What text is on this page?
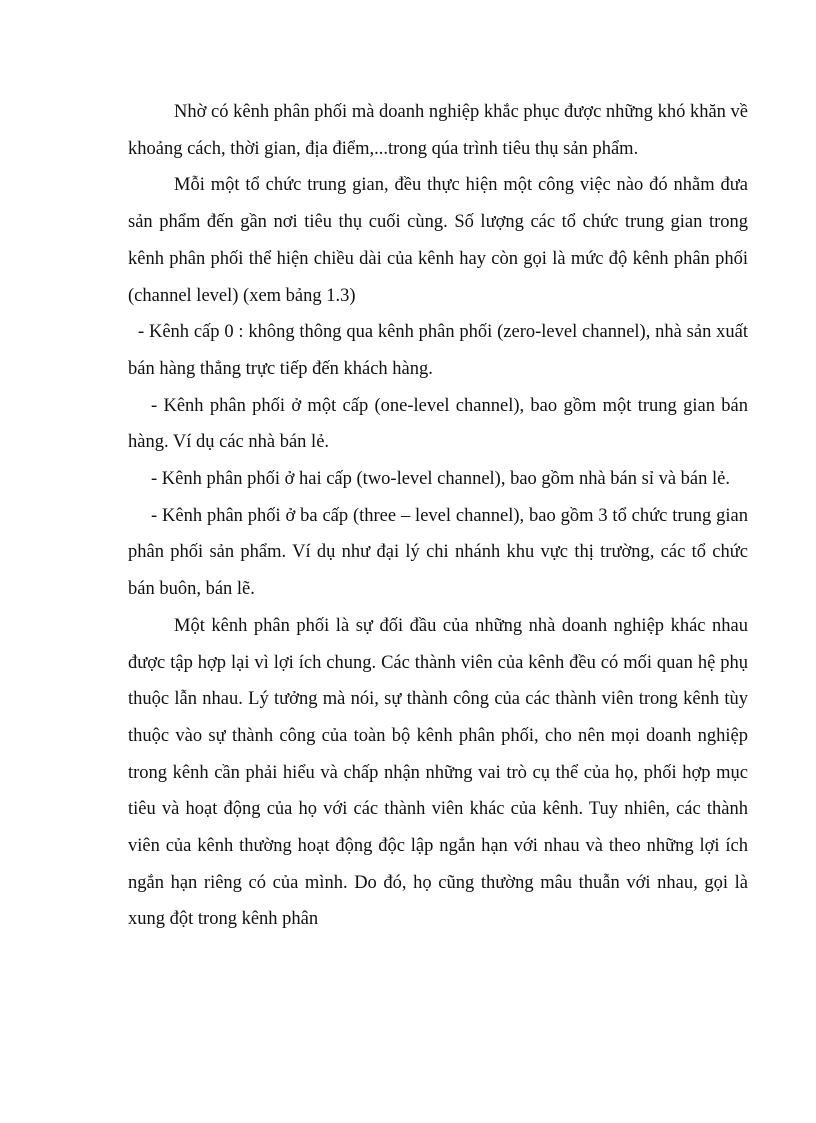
Nhờ có kênh phân phối mà doanh nghiệp khắc phục được những khó khăn về khoảng cách, thời gian, địa điểm,...trong qúa trình tiêu thụ sản phẩm.

Mỗi một tổ chức trung gian, đều thực hiện một công việc nào đó nhằm đưa sản phẩm đến gần nơi tiêu thụ cuối cùng. Số lượng các tổ chức trung gian trong kênh phân phối thể hiện chiều dài của kênh hay còn gọi là mức độ kênh phân phối (channel level) (xem bảng 1.3)

- Kênh cấp 0 : không thông qua kênh phân phối (zero-level channel), nhà sản xuất bán hàng thẳng trực tiếp đến khách hàng.

- Kênh phân phối ở một cấp (one-level channel), bao gồm một trung gian bán hàng. Ví dụ các nhà bán lẻ.

- Kênh phân phối ở hai cấp (two-level channel), bao gồm nhà bán sỉ và bán lẻ.

- Kênh phân phối ở ba cấp (three – level channel), bao gồm 3 tổ chức trung gian phân phối sản phẩm. Ví dụ như đại lý chi nhánh khu vực thị trường, các tổ chức bán buôn, bán lẽ.

Một kênh phân phối là sự đối đầu của những nhà doanh nghiệp khác nhau được tập hợp lại vì lợi ích chung. Các thành viên của kênh đều có mối quan hệ phụ thuộc lẫn nhau. Lý tưởng mà nói, sự thành công của các thành viên trong kênh tùy thuộc vào sự thành công của toàn bộ kênh phân phối, cho nên mọi doanh nghiệp trong kênh cần phải hiểu và chấp nhận những vai trò cụ thể của họ, phối hợp mục tiêu và hoạt động của họ với các thành viên khác của kênh. Tuy nhiên, các thành viên của kênh thường hoạt động độc lập ngắn hạn với nhau và theo những lợi ích ngắn hạn riêng có của mình. Do đó, họ cũng thường mâu thuẫn với nhau, gọi là xung đột trong kênh phân
